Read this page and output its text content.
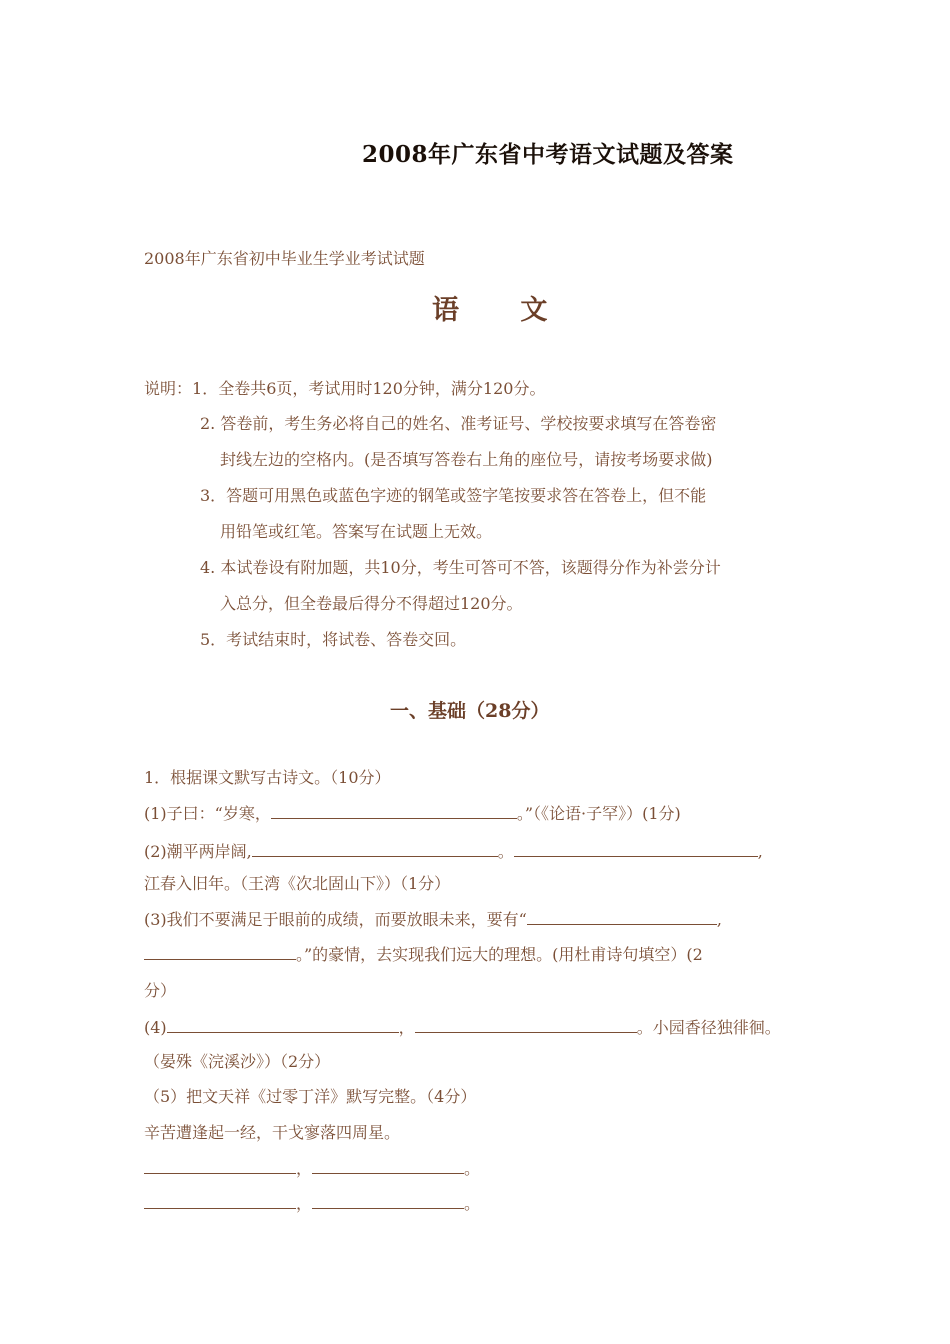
2008年广东省中考语文试题及答案
2008年广东省初中毕业生学业考试试题
语 文
说明：1．全卷共6页，考试用时120分钟，满分120分。
2. 答卷前，考生务必将自己的姓名、准考证号、学校按要求填写在答卷密
封线左边的空格内。(是否填写答卷右上角的座位号，请按考场要求做)
3．答题可用黑色或蓝色字迹的钢笔或签字笔按要求答在答卷上，但不能
用铅笔或红笔。答案写在试题上无效。
4. 本试卷设有附加题，共10分，考生可答可不答，该题得分作为补尝分计
入总分，但全卷最后得分不得超过120分。
5．考试结束时，将试卷、答卷交回。
一、基础（28分）
1．根据课文默写古诗文。（10分）
(1)子曰：“岁寒，	。”（《论语·子罕》）(1分)
(2)潮平两岸阔,	。	,
江春入旧年。（王湾《次北固山下》）（1分）
(3)我们不要满足于眼前的成绩，而要放眼未来，要有“	,
。”的豪情，去实现我们远大的理想。(用杜甫诗句填空）(2
分）
(4)	，	。小园香径独徘徊。
（晏殊《浣溪沙》）（2分）
（5）把文天祥《过零丁洋》默写完整。（4分）
辛苦遭逢起一经，干戈寥落四周星。
，	。
，	。
